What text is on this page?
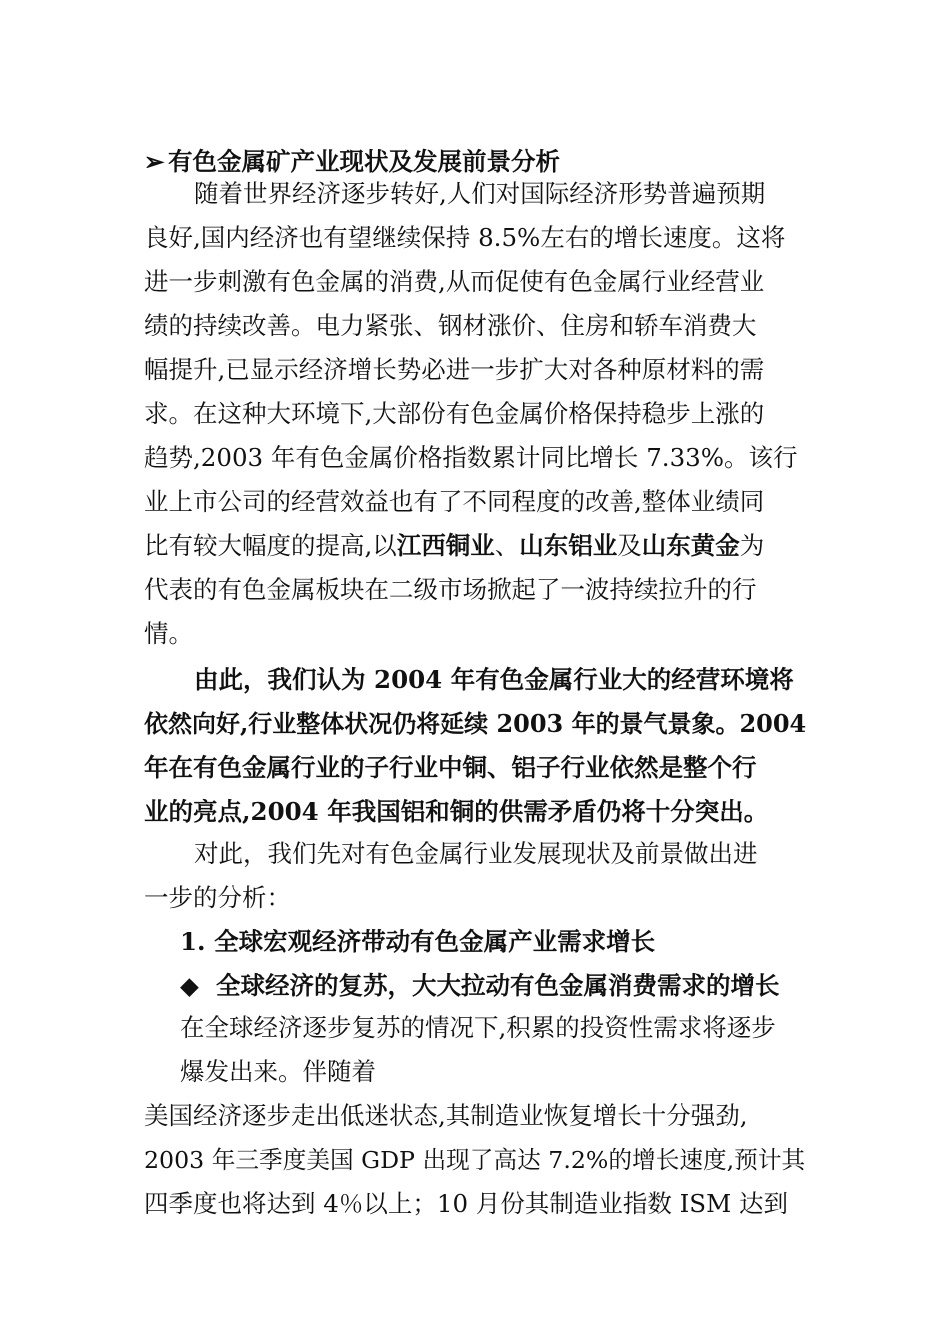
➢ 有色金属矿产业现状及发展前景分析
随着世界经济逐步转好,人们对国际经济形势普遍预期
良好,国内经济也有望继续保持 8.5%左右的增长速度。这将
进一步刺激有色金属的消费,从而促使有色金属行业经营业
绩的持续改善。电力紧张、钢材涨价、住房和轿车消费大
幅提升,已显示经济增长势必进一步扩大对各种原材料的需
求。在这种大环境下,大部份有色金属价格保持稳步上涨的
趋势,2003 年有色金属价格指数累计同比增长 7.33%。该行
业上市公司的经营效益也有了不同程度的改善,整体业绩同
比有较大幅度的提高,以江西铜业、山东铝业及山东黄金为
代表的有色金属板块在二级市场掀起了一波持续拉升的行
情。
由此，我们认为 2004 年有色金属行业大的经营环境将
依然向好,行业整体状况仍将延续 2003 年的景气景象。2004
年在有色金属行业的子行业中铜、铝子行业依然是整个行
业的亮点,2004 年我国铝和铜的供需矛盾仍将十分突出。
对此，我们先对有色金属行业发展现状及前景做出进
一步的分析：
1. 全球宏观经济带动有色金属产业需求增长
◆ 全球经济的复苏，大大拉动有色金属消费需求的增长
在全球经济逐步复苏的情况下,积累的投资性需求将逐步
爆发出来。伴随着
美国经济逐步走出低迷状态,其制造业恢复增长十分强劲,
2003 年三季度美国 GDP 出现了高达 7.2%的增长速度,预计其
四季度也将达到 4％以上；10 月份其制造业指数 ISM 达到
